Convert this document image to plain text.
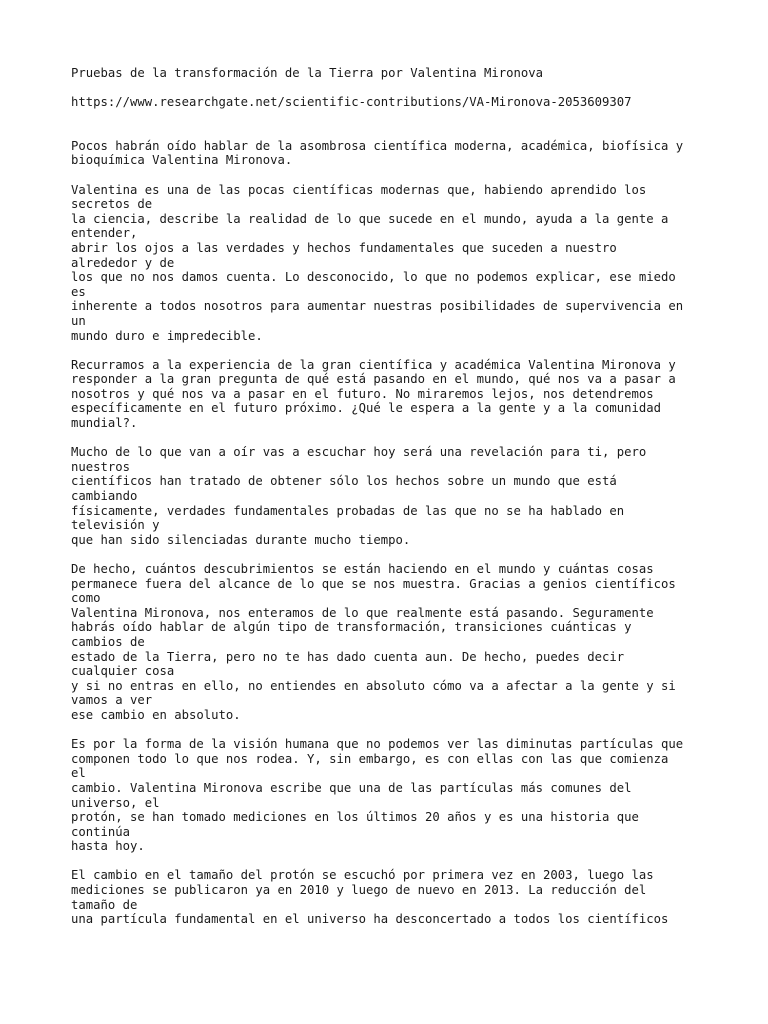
Pruebas de la transformación de la Tierra por Valentina Mironova
https://www.researchgate.net/scientific-contributions/VA-Mironova-2053609307
Pocos habrán oído hablar de la asombrosa científica moderna, académica, biofísica y
bioquímica Valentina Mironova.
Valentina es una de las pocas científicas modernas que, habiendo aprendido los
secretos de
la ciencia, describe la realidad de lo que sucede en el mundo, ayuda a la gente a
entender,
abrir los ojos a las verdades y hechos fundamentales que suceden a nuestro
alrededor y de
los que no nos damos cuenta. Lo desconocido, lo que no podemos explicar, ese miedo
es
inherente a todos nosotros para aumentar nuestras posibilidades de supervivencia en
un
mundo duro e impredecible.
Recurramos a la experiencia de la gran científica y académica Valentina Mironova y
responder a la gran pregunta de qué está pasando en el mundo, qué nos va a pasar a
nosotros y qué nos va a pasar en el futuro. No miraremos lejos, nos detendremos
específicamente en el futuro próximo. ¿Qué le espera a la gente y a la comunidad
mundial?.
Mucho de lo que van a oír vas a escuchar hoy será una revelación para ti, pero
nuestros
científicos han tratado de obtener sólo los hechos sobre un mundo que está
cambiando
físicamente, verdades fundamentales probadas de las que no se ha hablado en
televisión y
que han sido silenciadas durante mucho tiempo.
De hecho, cuántos descubrimientos se están haciendo en el mundo y cuántas cosas
permanece fuera del alcance de lo que se nos muestra. Gracias a genios científicos
como
Valentina Mironova, nos enteramos de lo que realmente está pasando. Seguramente
habrás oído hablar de algún tipo de transformación, transiciones cuánticas y
cambios de
estado de la Tierra, pero no te has dado cuenta aun. De hecho, puedes decir
cualquier cosa
y si no entras en ello, no entiendes en absoluto cómo va a afectar a la gente y si
vamos a ver
ese cambio en absoluto.
Es por la forma de la visión humana que no podemos ver las diminutas partículas que
componen todo lo que nos rodea. Y, sin embargo, es con ellas con las que comienza
el
cambio. Valentina Mironova escribe que una de las partículas más comunes del
universo, el
protón, se han tomado mediciones en los últimos 20 años y es una historia que
continúa
hasta hoy.
El cambio en el tamaño del protón se escuchó por primera vez en 2003, luego las
mediciones se publicaron ya en 2010 y luego de nuevo en 2013. La reducción del
tamaño de
una partícula fundamental en el universo ha desconcertado a todos los científicos
